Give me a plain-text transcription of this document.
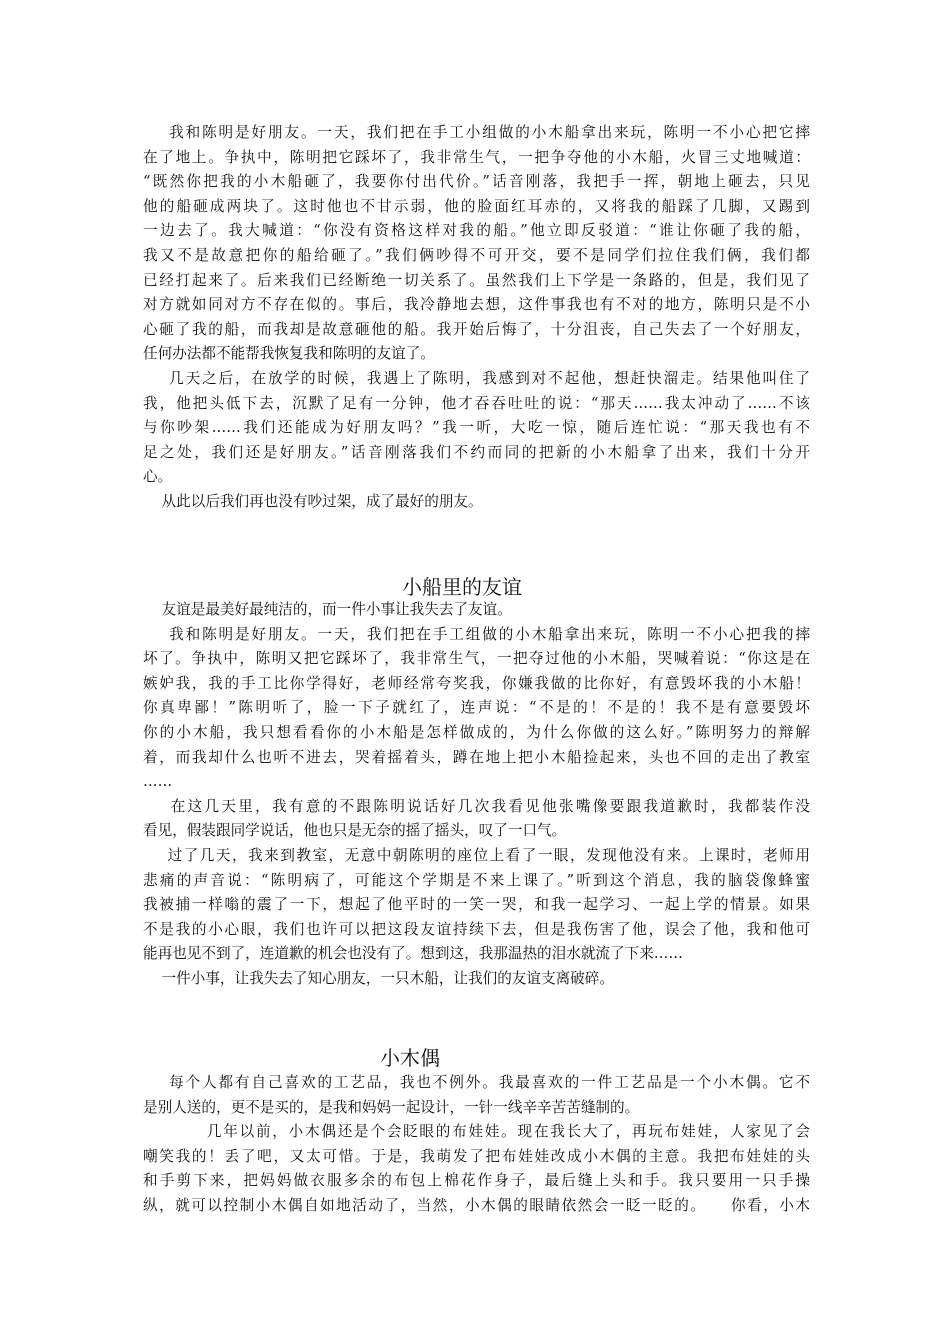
我和陈明是好朋友。一天，我们把在手工小组做的小木船拿出来玩，陈明一不小心把它摔
在了地上。争执中，陈明把它踩坏了，我非常生气，一把争夺他的小木船，火冒三丈地喊道：
“既然你把我的小木船砸了，我要你付出代价。”话音刚落，我把手一挥，朝地上砸去，只见
他的船砸成两块了。这时他也不甘示弱，他的脸面红耳赤的，又将我的船踩了几脚，又踢到
一边去了。我大喊道：“你没有资格这样对我的船。”他立即反驳道：“谁让你砸了我的船，
我又不是故意把你的船给砸了。”我们俩吵得不可开交，要不是同学们拉住我们俩，我们都
已经打起来了。后来我们已经断绝一切关系了。虽然我们上下学是一条路的，但是，我们见了
对方就如同对方不存在似的。事后，我冷静地去想，这件事我也有不对的地方，陈明只是不小
心砸了我的船，而我却是故意砸他的船。我开始后悔了，十分沮丧，自己失去了一个好朋友，
任何办法都不能帮我恢复我和陈明的友谊了。
几天之后，在放学的时候，我遇上了陈明，我感到对不起他，想赶快溜走。结果他叫住了
我，他把头低下去，沉默了足有一分钟，他才吞吞吐吐的说：“那天……我太冲动了……不该
与你吵架……我们还能成为好朋友吗？”我一听，大吃一惊，随后连忙说：“那天我也有不
足之处，我们还是好朋友。”话音刚落我们不约而同的把新的小木船拿了出来，我们十分开
心。
从此以后我们再也没有吵过架，成了最好的朋友。
小船里的友谊
友谊是最美好最纯洁的，而一件小事让我失去了友谊。
我和陈明是好朋友。一天，我们把在手工组做的小木船拿出来玩，陈明一不小心把我的摔
坏了。争执中，陈明又把它踩坏了，我非常生气，一把夺过他的小木船，哭喊着说：“你这是在
嫉妒我，我的手工比你学得好，老师经常夸奖我，你嫌我做的比你好，有意毁坏我的小木船！
你真卑鄙！”陈明听了，脸一下子就红了，连声说：“不是的！不是的！我不是有意要毁坏
你的小木船，我只想看看你的小木船是怎样做成的，为什么你做的这么好。”陈明努力的辩解
着，而我却什么也听不进去，哭着摇着头，蹲在地上把小木船捡起来，头也不回的走出了教室
……
在这几天里，我有意的不跟陈明说话好几次我看见他张嘴像要跟我道歉时，我都装作没
看见，假装跟同学说话，他也只是无奈的摇了摇头，叹了一口气。
过了几天，我来到教室，无意中朝陈明的座位上看了一眼，发现他没有来。上课时，老师用
悲痛的声音说：“陈明病了，可能这个学期是不来上课了。”听到这个消息，我的脑袋像蜂蜜
我被捕一样嗡的震了一下，想起了他平时的一笑一哭，和我一起学习、一起上学的情景。如果
不是我的小心眼，我们也许可以把这段友谊持续下去，但是我伤害了他，误会了他，我和他可
能再也见不到了，连道歉的机会也没有了。想到这，我那温热的泪水就流了下来……
一件小事，让我失去了知心朋友，一只木船，让我们的友谊支离破碎。
小木偶
每个人都有自己喜欢的工艺品，我也不例外。我最喜欢的一件工艺品是一个小木偶。它不
是别人送的，更不是买的，是我和妈妈一起设计，一针一线辛辛苦苦缝制的。
几年以前，小木偶还是个会眨眼的布娃娃。现在我长大了，再玩布娃娃，人家见了会
嘲笑我的！丢了吧，又太可惜。于是，我萌发了把布娃娃改成小木偶的主意。我把布娃娃的头
和手剪下来，把妈妈做衣服多余的布包上棉花作身子，最后缝上头和手。我只要用一只手操
纵，就可以控制小木偶自如地活动了，当然，小木偶的眼睛依然会一眨一眨的。    你看，小木
